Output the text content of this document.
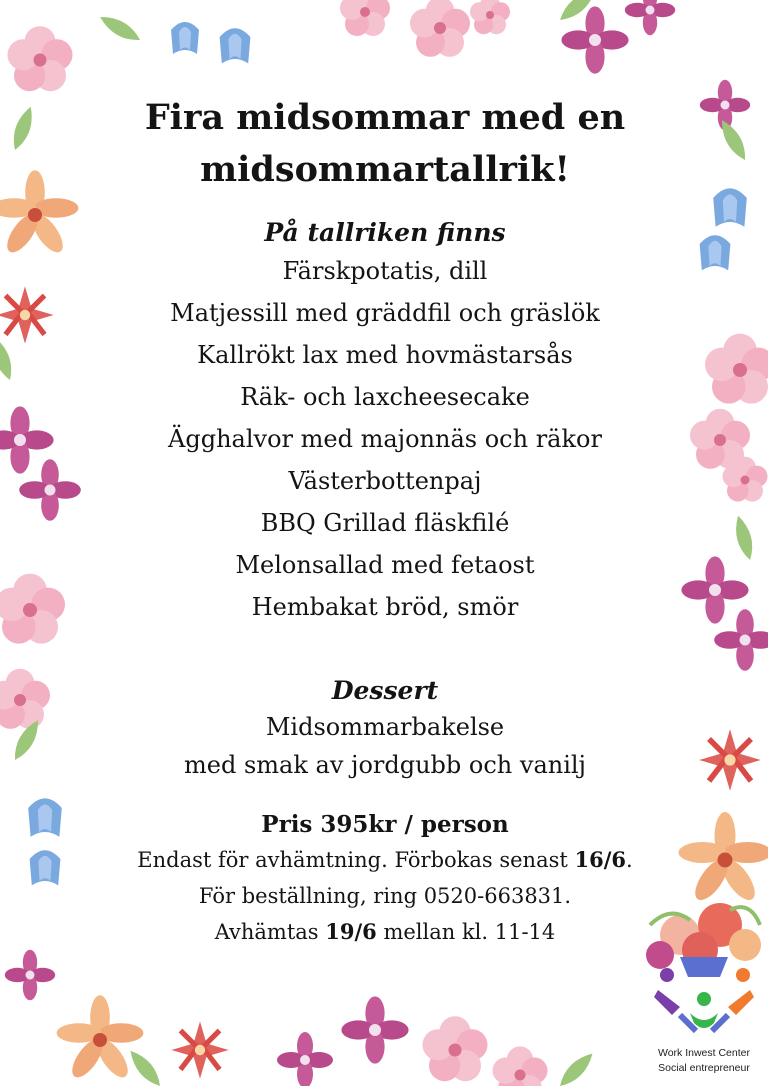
Fira midsommar med en
midsommartallrik!
På tallriken finns
Färskpotatis, dill
Matjessill med gräddfil och gräslök
Kallrökt lax med hovmästarsås
Räk- och laxcheesecake
Ägghalvor med majonnäs och räkor
Västerbottenpaj
BBQ Grillad fläskfilé
Melonsallad med fetaost
Hembakat bröd, smör
Dessert
Midsommarbakelse
med smak av jordgubb och vanilj

Pris 395kr / person

Endast för avhämtning. Förbokas senast 16/6.

För beställning, ring 0520-663831.

Avhämtas 19/6 mellan kl. 11-14

Work Inwest Center
Social entrepreneur
